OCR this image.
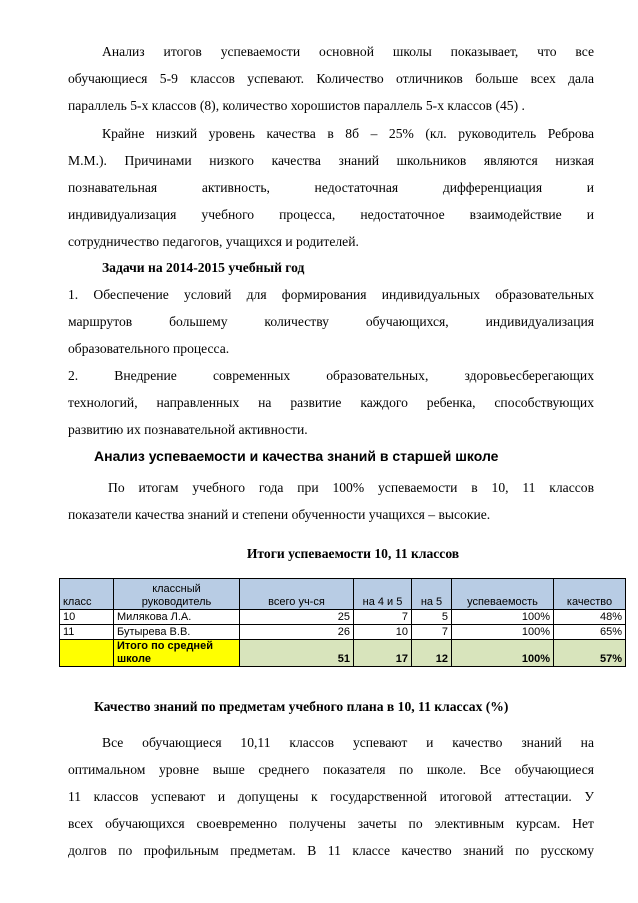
Анализ итогов успеваемости основной школы показывает, что все
обучающиеся 5-9 классов успевают. Количество отличников больше всех дала
параллель 5-х классов (8), количество хорошистов параллель 5-х классов (45) .
Крайне низкий уровень качества в 8б – 25% (кл. руководитель Реброва
М.М.). Причинами низкого качества знаний школьников являются низкая
познавательная активность, недостаточная дифференциация и
индивидуализация учебного процесса, недостаточное взаимодействие и
сотрудничество педагогов, учащихся и родителей.
Задачи на 2014-2015 учебный год
1. Обеспечение условий для формирования индивидуальных образовательных
маршрутов большему количеству обучающихся, индивидуализация
образовательного процесса.
2. Внедрение современных образовательных, здоровьесберегающих
технологий, направленных на развитие каждого ребенка, способствующих
развитию их познавательной активности.
Анализ успеваемости и качества знаний в старшей школе
По итогам учебного года при 100% успеваемости в 10, 11 классов
показатели качества знаний и степени обученности учащихся – высокие.
Итоги успеваемости 10, 11 классов
класс	классный руководитель	всего уч-ся	на 4 и 5	на 5	успеваемость	качество
10	Милякова Л.А.	25	7	5	100%	48%
11	Бутырева В.В.	26	10	7	100%	65%
	Итого по средней школе	51	17	12	100%	57%
Качество знаний по предметам учебного плана в 10, 11 классах (%)
Все обучающиеся 10,11 классов успевают и качество знаний на
оптимальном уровне выше среднего показателя по школе. Все обучающиеся
11 классов успевают и допущены к государственной итоговой аттестации. У
всех обучающихся своевременно получены зачеты по элективным курсам. Нет
долгов по профильным предметам. В 11 классе качество знаний по русскому
